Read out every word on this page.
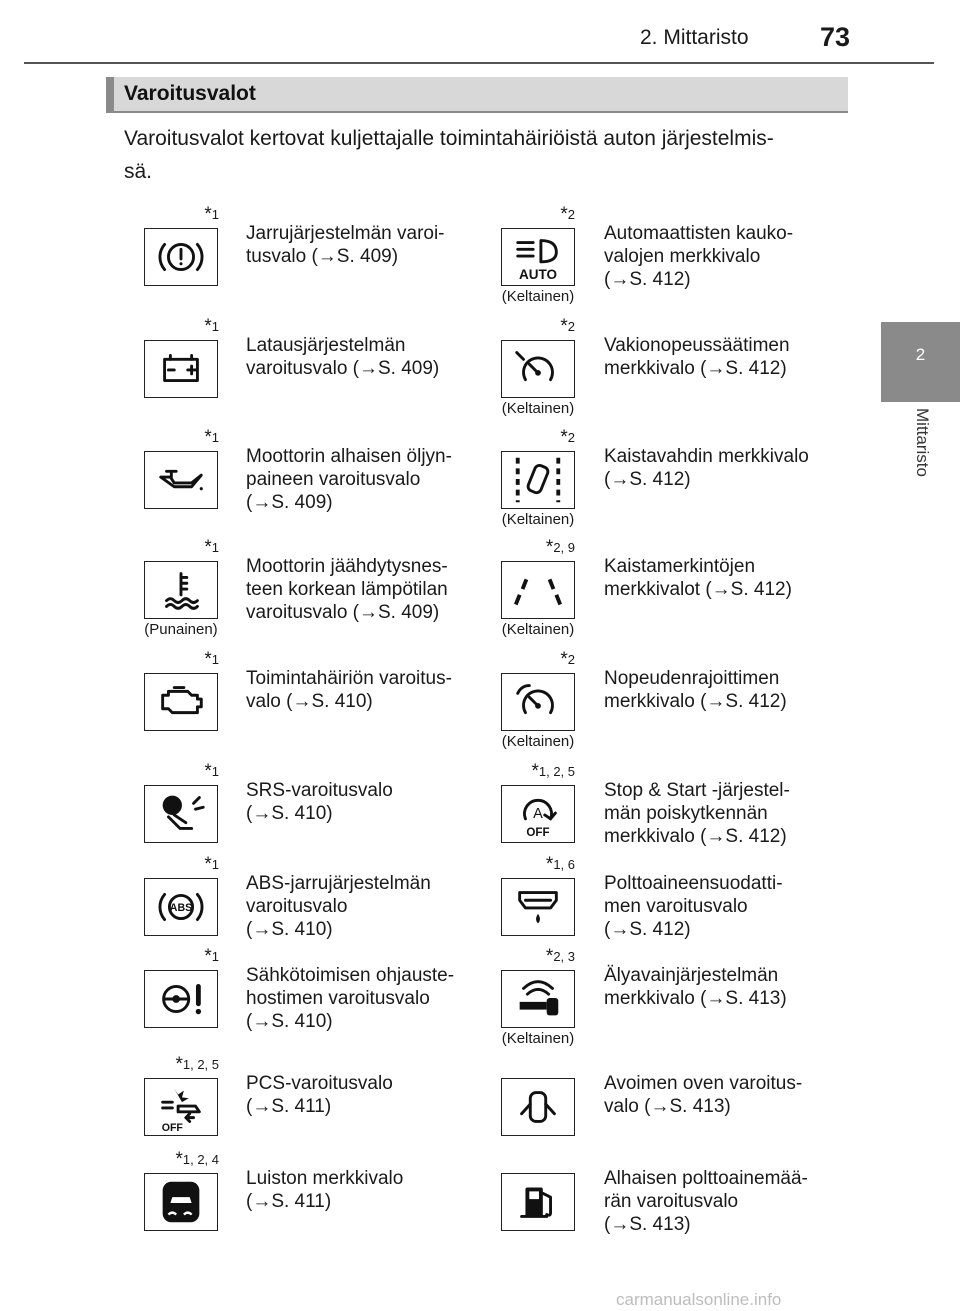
2. Mittaristo	73
2
Mittaristo
Varoitusvalot
Varoitusvalot kertovat kuljettajalle toimintahäiriöistä auton järjestelmis-
sä.
*$^1$
Jarrujärjestelmän varoi-
tusvalo (→S. 409)
*$^2$
AUTO
(Keltainen)
Automaattisten kauko-
valojen merkkivalo
(→S. 412)
*$^1$
Latausjärjestelmän
varoitusvalo (→S. 409)
*$^2$
(Keltainen)
Vakionopeussäätimen
merkkivalo (→S. 412)
*$^1$
Moottorin alhaisen öljyn-
paineen varoitusvalo
(→S. 409)
*$^2$
(Keltainen)
Kaistavahdin merkkivalo
(→S. 412)
*$^1$
(Punainen)
Moottorin jäähdytysnes-
teen korkean lämpötilan
varoitusvalo (→S. 409)
*$^{2, 9}$
(Keltainen)
Kaistamerkintöjen
merkkivalot (→S. 412)
*$^1$
Toimintahäiriön varoitus-
valo (→S. 410)
*$^2$
(Keltainen)
Nopeudenrajoittimen
merkkivalo (→S. 412)
*$^1$
SRS-varoitusvalo
(→S. 410)
*$^{1, 2, 5}$
A
OFF
Stop & Start -järjestel-
män poiskytkennän
merkkivalo (→S. 412)
*$^1$
ABS
ABS-jarrujärjestelmän
varoitusvalo
(→S. 410)
*$^{1, 6}$
Polttoaineensuodatti-
men varoitusvalo
(→S. 412)
*$^1$
Sähkötoimisen ohjauste-
hostimen varoitusvalo
(→S. 410)
*$^{2, 3}$
(Keltainen)
Älyavainjärjestelmän
merkkivalo (→S. 413)
*$^{1, 2, 5}$
OFF
PCS-varoitusvalo
(→S. 411)
Avoimen oven varoitus-
valo (→S. 413)
*$^{1, 2, 4}$
Luiston merkkivalo
(→S. 411)
Alhaisen polttoainemää-
rän varoitusvalo
(→S. 413)
carmanualsonline.info
